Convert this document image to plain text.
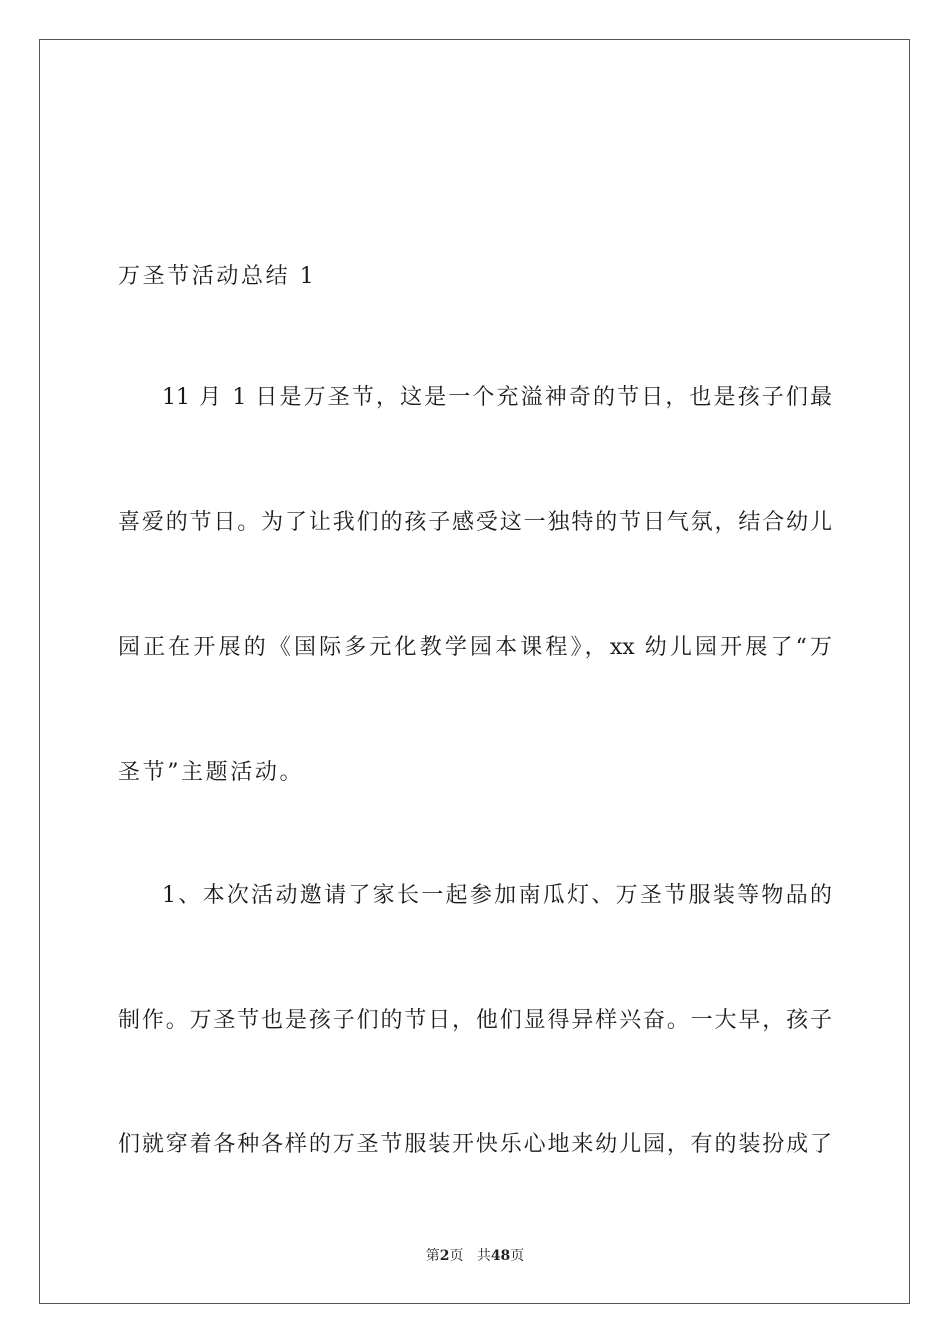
万圣节活动总结 1
11 月 1 日是万圣节，这是一个充溢神奇的节日，也是孩子们最
喜爱的节日。为了让我们的孩子感受这一独特的节日气氛，结合幼儿
园正在开展的《国际多元化教学园本课程》，xx 幼儿园开展了“万
圣节”主题活动。
1、本次活动邀请了家长一起参加南瓜灯、万圣节服装等物品的
制作。万圣节也是孩子们的节日，他们显得异样兴奋。一大早，孩子
们就穿着各种各样的万圣节服装开快乐心地来幼儿园，有的装扮成了
第2页 共48页
